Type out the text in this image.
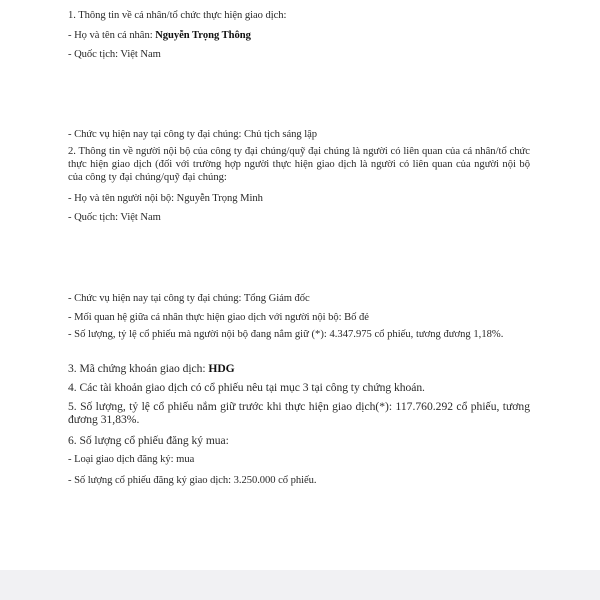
1. Thông tin về cá nhân/tổ chức thực hiện giao dịch:
- Họ và tên cá nhân: Nguyễn Trọng Thông
- Quốc tịch: Việt Nam
- Chức vụ hiện nay tại công ty đại chúng: Chủ tịch sáng lập
2. Thông tin về người nội bộ của công ty đại chúng/quỹ đại chúng là người có liên quan của cá nhân/tổ chức thực hiện giao dịch (đối với trường hợp người thực hiện giao dịch là người có liên quan của người nội bộ của công ty đại chúng/quỹ đại chúng:
- Họ và tên người nội bộ: Nguyễn Trọng Minh
- Quốc tịch: Việt Nam
- Chức vụ hiện nay tại công ty đại chúng: Tổng Giám đốc
- Mối quan hệ giữa cá nhân thực hiện giao dịch với người nội bộ: Bố đẻ
- Số lượng, tỷ lệ cổ phiếu mà người nội bộ đang nắm giữ (*): 4.347.975 cổ phiếu, tương đương 1,18%.
3. Mã chứng khoán giao dịch: HDG
4. Các tài khoản giao dịch có cổ phiếu nêu tại mục 3 tại công ty chứng khoán.
5. Số lượng, tỷ lệ cổ phiếu nắm giữ trước khi thực hiện giao dịch(*): 117.760.292 cổ phiếu, tương đương 31,83%.
6. Số lượng cổ phiếu đăng ký mua:
- Loại giao dịch đăng ký: mua
- Số lượng cổ phiếu đăng ký giao dịch: 3.250.000 cổ phiếu.
